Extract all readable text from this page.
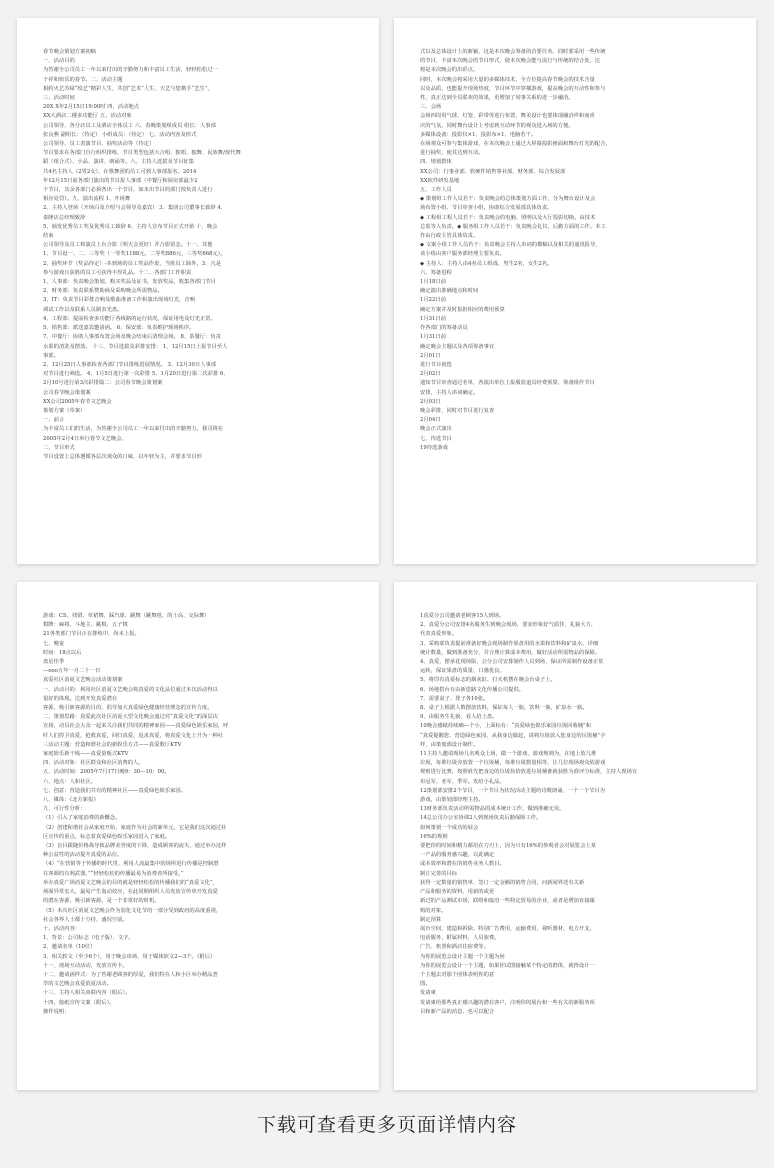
春节晚会策划方案初稿
一、活动目的
为答谢全公司员工一年以来付出的辛勤努力和丰富员工生活，轻轻松松过一
个祥和快乐的春节。二、活动主题
相约火艺苏绿“绘艺”精彩人生，共创“艺术”人生、天艺与您携手“艺生”。
三、活动时间
20X X年2月15日19:00时 四、活动地点
XX大酒店二楼多功能厅 五、活动对象
公司领导、各分店员工及酒店全体员工 六、春晚策划组成员 组长：人事部
张良燕 副组长：（待定） 小组成员：（待定） 七、活动内容及形式
公司领导、员工表演节目、抽奖活动等（待定）
节目要求在各部门自行组织排练，节目类型包括大合唱、独唱、独舞、民族舞/现代舞
蹈（组合式）、小品、演讲、朗诵等。八、主持人选拔及节目征集
共4名主持人（2男2女），在歌舞团的员工可到人事部报名。2014
年12月15日前各部门演出的节目报人事部（中餐厅和厨房部最少2
个节目，其余各部门必须各出一个节目，如未出节目的部门按负责人进行
相应处罚）。九、演出流程 1、开场舞
2、主持人登场（开场白及介绍与会领导及嘉宾） 3、集团公司董事长致辞 4、
泰隆店总经理致辞
5、颁发优秀员工奖及优秀员工致辞 6、主持人宣布节目正式开始 十、晚会
结束
公司领导及员工和演员上台合影（明天会更好）并合影留念。十一、其他
1、节目设一、二、三等奖（一等奖1188元，二等奖886元，三等奖668元）。
2、抽奖环节（奖品待定）-本到场的员工奖品作废，当班员工除外。3、凡是
参与游戏且获胜的员工可获得丰厚礼品。十二、各部门工作职责
1、人事部：负责晚会策划，购买奖品及证书，发放奖品，收集各部门节目
2、财务部：负责联系赞助商及采购晚会所需物品。
3、IT：负责节目彩排音响及歌曲准备工作和演出现场灯光、音响
调试工作以及联系人员制表光盘。
4、工程部：提前检查多功能厅各线路的运行状况，保证用电及灯光正常。
5、销售部：派送嘉宾邀请函。 6、保安部：负责维护现场秩序。
7、中餐厅：协助人事部布置会场及晚会结束后清理会场。 8、茶餐厅：负责
水果的清洗及摆放。 十三、节目选拔及彩排安排： 1、12月15日上报节目至人
事部。
2、12月25日人事部检查各部门节目排练进展情况。 3、12月30日人事部
对节目进行筛选。 4、1月5日进行第一次彩排 5、1月20日进行第二次彩排 6、
2月10号进行第3次彩排篇二：公司春节晚会策划案
公司春节晚会策划案
XX公司2005年春节文艺晚会
策划方案（草案）
一、前言
为丰富员工们的生活，为答谢全公司员工一年以来付出的辛勤努力，我司将在
2005年2月4日举行春节文艺晚会。
二、节目形式
节目设置上总体遵循各层次观众的口味，以年轻为主，并要求节目形
式以及总体设计上的新颖，这是本次晚会筹备的首要任务。同时要采用一些传统
的节目，丰富本次晚会的节目形式，使本次晚会能与流行与传统的结合处，达
将是本次晚会的出彩点。
同时，本次晚会将采用大量的多媒体技术，全方位提高春节晚会的技术含量
以及品质，也能提升现场热度，节目环节中穿插游戏，提高晚会的互动性和参与
性，真正达到全员联欢的效果，更增加了同事关系的进一步融洽。
三、会场
会场四周用气球、灯笼、彩带等进行布置，舞美设计也要体现融洽祥和而喜
庆的气氛，同时舞台设计上考虑到互动环节的观众进入场的方便。
多媒体设备：投影仪×1、投影布×1、电脑若干。
在场观众可参与集体游戏，在本次晚会上通过大屏幕投影画面和舞台灯光的配合，
进行抽奖，使其达到互动。
四、规划群体
XX公司：行事业部、软硬件销售事业部、财务部、综合发展部
XX软件研发基地
五、工作人员
◆ 策划组工作人员若干：负责晚会的总体策划方面工作，分为舞台设计及会
场布置小组、节目审查小组，协助综合发展部具体负责。
◆ 工程组工程人员若干：负责晚会的电脑、照明以及大厅投影切换。由技术
总监等人负责。◆ 服务组工作人员若干：负责晚会礼仪、后勤方面的工作。本工
作由行政主管具体负责。
◆ 文案小组工作人员若干：负责晚会主持人串词的撰稿以及相关的通讯报导，
该小组由客户服务部经理主要负责。
◆ 主持人：主持人由4名员工组成，男生2名，女生2名。
六、筹备进程
1月18日前
确定演出准确地点和时间
1月22日前
确定方案并及时报批相应的费用预算
1月31日前
作各部门的筹备动员
1月31日前
确定晚会主题以及各项筹备事宜
2月01日
进行节目初选
2月02日
通知节目审查通过名单，各演出单位上报服装道具经费预算，筹备组作节目
安排，主持人串词确定。
2月03日
晚会彩排，同时对节目进行复查
2月04日
晚会正式演出
七、待选节目
19待选游戏
游戏：CS、找错、草裙舞、踩汽球、跳舞（跳舞毯、的士高、交际舞）
棋牌：麻将、斗地主、跳棋、五子棋
21各类部门节目正在排练中，尚未上报。
七、晚宴
时间：18点以后
盘星佳季
---ooo五年一月二十一日
真爱社区消夏文艺晚会活动策划案
一、活动目的：利用社区消夏文艺晚会将真爱的文化品位通过本次活动得以
很好的体现。达到开发真爱潜在
客源，吸引新客源的目的，倡导加大真爱绿色健康经营理念的宣传力度。
二、策划思路：真爱此次社区消夏大型文化晚会通过对“真爱文化”的深层次
宣扬，动员社会大众一起来关注我们共同的精神家园——真爱绿色娱乐家园，呼
吁人们捍卫真爱，抢救真爱，回归真爱，追求真爱，将真爱文化上升为一种社
三活动主题：营造和谐社会的新娱乐方式——真爱歌厅KTV
家庭娱乐新干线——真爱量贩式KTV
四、活动对象：社区群众和社区消费的人。
五、活动时间：2005年7月17日晚9：30—10：00。
六、地点：人和社区。
七、创意：营造我们共有的精神社区——真爱绿色娱乐家园。
八、媒体：《北方新报》
九、可行性分析：
（1）引入了家庭消费的新概念。
（2）创建和谐社会从家庭开始，家庭作为社会的新单元，它是我们这次通过社
区宣传的重点，标志着真爱绿色娱乐家园进入了家庭。
（3）盲目跟随价格战导致品牌美誉度的下降，造成顾客的流失，通过举办这样
种公益性的活动提升真爱的品位。
（4）“在营销等于传播的时代里，利用人流最集中的场所进行传播是控制潜
在客源的有利武器，”“轻轻松松的传播最易为消费者所接受。”
举办真爱广场消夏文艺晚会的目的就是轻轻松松的传播我们的“真爱文化”，
场面异常宏大，最易产生轰动效应，在此同期组织人员发放宣传单开发真爱
的潜在客源，吸引新客源，是一个非常好的时机。
（5）本次社区消夏文艺晚会作为弱化文化节的一部分受到政府的高度重视，
社会各界人士都十分持，盛况空前。
十、活动内容：
1、背景：公司标志（电子版）、文字。
2、邀请名单（10位）
3、相关软文（至少6个），用于晚会串场，用于媒体软文2—3个。（附后）
十一、现场互动活动，发放宣传卡。
十二、邀请函样式：为了答谢老顾客的厚爱，我们特在人和小区举办精品荟
萃的文艺晚会真爱消夏活动。
十三、主持人相关串联内容（附后）。
十四、接纸宣传文案（附后）。
操作说明：
1真爱分公司邀请老顾客15人到场。
2、真爱分公司安排4名服务生到晚会现场，要求形象好气质佳，礼貌大方，
代表真爱形象。
3、采购部负责提前准备好晚会现场制作果盘用的水果和饮料和矿泉水，详细
统计数量，做到准备充分，并合理计算成本费用，做好活动所需物品的保障。
4、真爱、摆承花现场版，公分公司安排制作人员到场，保证所需制作设备正常
运转，保证果盘的质量、口感优良。
5、将印有真爱标志的烟灰缸、打火机摆在晚会台桌子上。
6、场地搭台有由新恩路文化传播公司提供。
7、需要桌子、凳子各10张。
8、桌子上根据人数摆放饮料，保证每人一瓶，饮料一瓶，矿泉水一瓶。
9、由服务生礼貌，看人给上盘。
10晚会感纸持续嘀—个小，上面标有：“真爱绿色娱乐家园垃圾回收桶”和
“真爱提醒您，营造绿色家园，从我身边做起，请将垃圾放入您身边的垃圾桶”字
样，由策划部设计制作。
11主持人邀请现场几名观众上场，做一个游戏，游戏规则为，在地上放几堆
垃圾，每堆垃圾旁放置一个垃圾桶，每堆垃圾数量相等，让几位现场观众依游戏
规则进行比赛，按照谁先把身边的垃圾捡拾放进垃圾桶谁就获胜为准评分标准，主持人现场宣
布冠军、亚军、季军。发给小礼品。
12策划部安排2个节目，一个节目为状况活动主题的诗歌朗诵，一个一个节目为
游戏，由策划部经理主持。
13财务部负责活动所需物品的成本统计工作，做到准确无误。
14总公司办公室协调2人到现场负责后勤保障工作。
如何策划一个成功的展会
16%的规则
要把你的时间和精力都用在刀刃上，因为只有16%的参观者会对展览会上某
一产品的服务感兴趣，以此确定
成本效率和潜在的销售业务人数目。
制订完善的目标
获得一定数量的销售单、签订一定金额的销售合同，问新闻界送有关新
产品和服务的资料，用新的或更
新过的产品测试市场，联络和接洽一些特定贸易的企业，或者是增加直接邮
购的对象。
制定预算
展台空间，建造和拆除，特别广告费用，运输费用，视听器材，电力开支，
电话服务，附属材料，人员旅费。
广告、机票和酒店住宿费等。
为你的展览会设计主题一个主题为何
为你的展览会设计一个主题，如果你试图接触某个特定的群体，就得设计一
个主题去对那个团体表明你的意
图。
发请柬
发请柬给那些真正感兴趣的潜在客户，注明你的展台和一些有关的新服务项
目和新产品的消息，也可以配合
下载可查看更多页面详情内容
